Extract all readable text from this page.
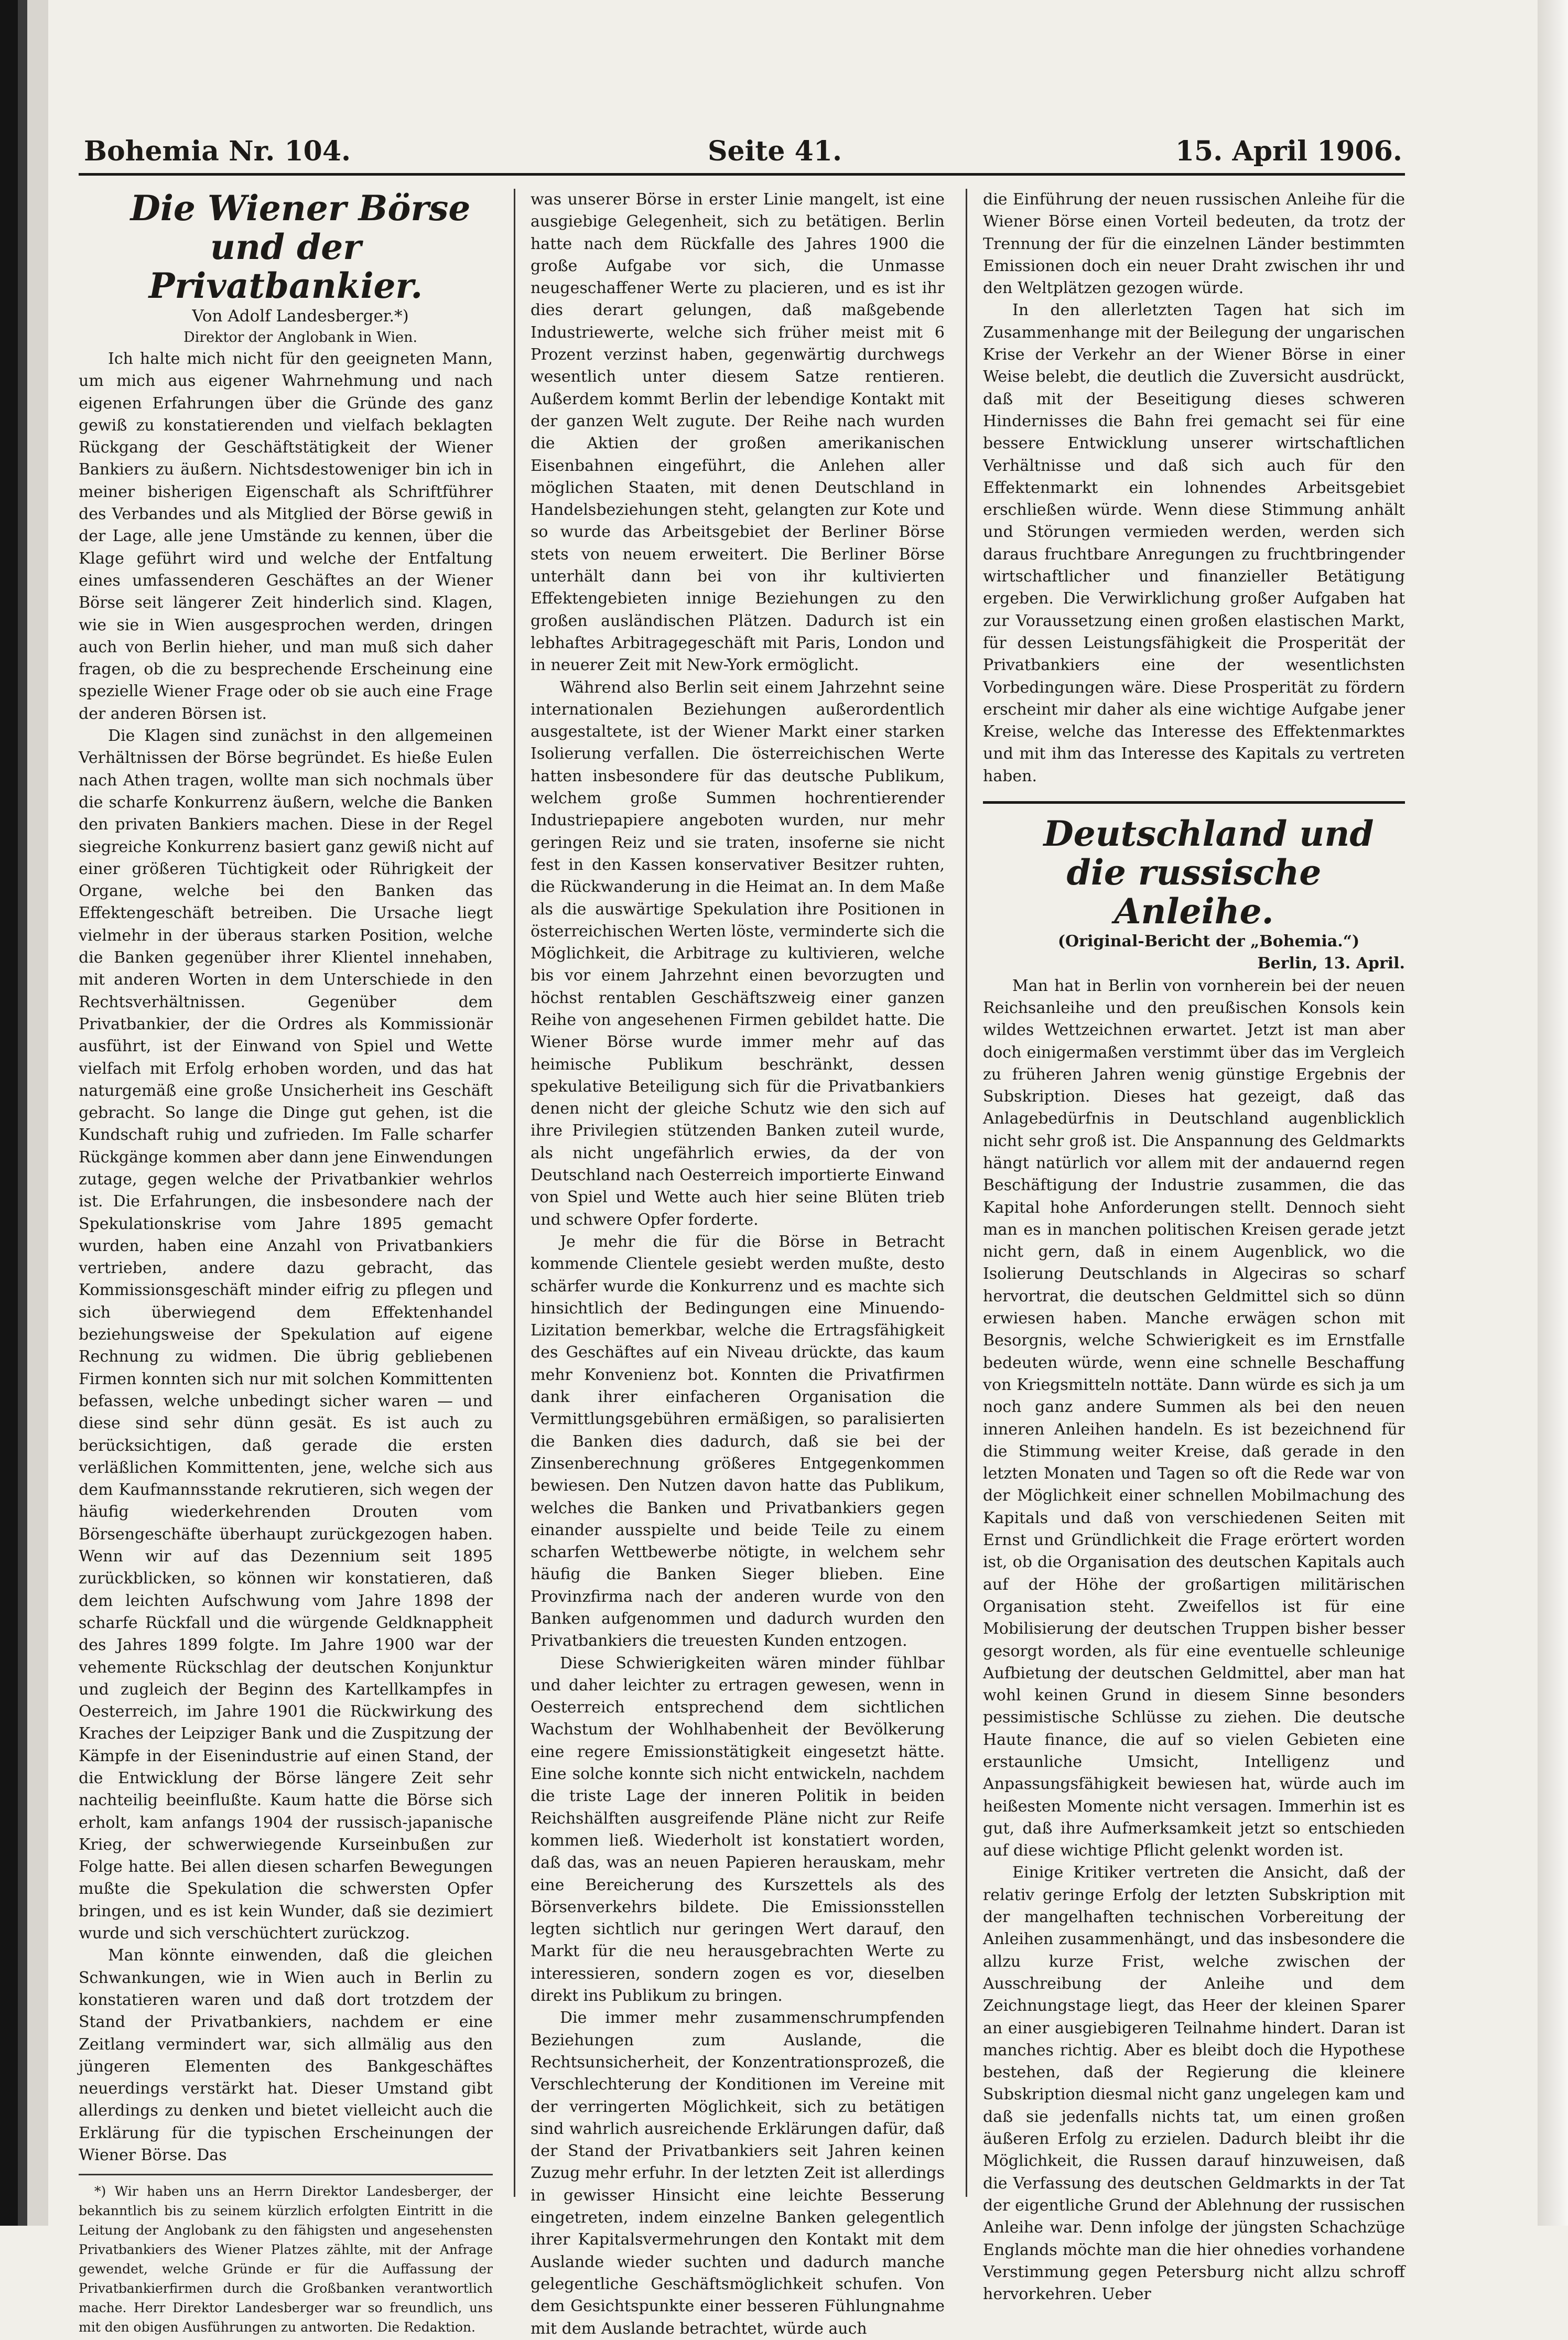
Bohemia Nr. 104.	Seite 41.	15. April 1906.

Die Wiener Börse und der Privatbankier.

Von Adolf Landesberger.*)

Direktor der Anglobank in Wien.

Ich halte mich nicht für den geeigneten Mann, um mich aus eigener Wahrnehmung und nach eigenen Erfahrungen über die Gründe des ganz gewiß zu konstatierenden und vielfach beklagten Rückgang der Geschäftstätigkeit der Wiener Bankiers zu äußern. Nichtsdestoweniger bin ich in meiner bisherigen Eigenschaft als Schriftführer des Verbandes und als Mitglied der Börse gewiß in der Lage, alle jene Umstände zu kennen, über die Klage geführt wird und welche der Entfaltung eines umfassenderen Geschäftes an der Wiener Börse seit längerer Zeit hinderlich sind. Klagen, wie sie in Wien ausgesprochen werden, dringen auch von Berlin hieher, und man muß sich daher fragen, ob die zu besprechende Erscheinung eine spezielle Wiener Frage oder ob sie auch eine Frage der anderen Börsen ist.

Die Klagen sind zunächst in den allgemeinen Verhältnissen der Börse begründet. Es hieße Eulen nach Athen tragen, wollte man sich nochmals über die scharfe Konkurrenz äußern, welche die Banken den privaten Bankiers machen. Diese in der Regel siegreiche Konkurrenz basiert ganz gewiß nicht auf einer größeren Tüchtigkeit oder Rührigkeit der Organe, welche bei den Banken das Effektengeschäft betreiben. Die Ursache liegt vielmehr in der überaus starken Position, welche die Banken gegenüber ihrer Klientel innehaben, mit anderen Worten in dem Unterschiede in den Rechtsverhältnissen. Gegenüber dem Privatbankier, der die Ordres als Kommissionär ausführt, ist der Einwand von Spiel und Wette vielfach mit Erfolg erhoben worden, und das hat naturgemäß eine große Unsicherheit ins Geschäft gebracht. So lange die Dinge gut gehen, ist die Kundschaft ruhig und zufrieden. Im Falle scharfer Rückgänge kommen aber dann jene Einwendungen zutage, gegen welche der Privatbankier wehrlos ist. Die Erfahrungen, die insbesondere nach der Spekulationskrise vom Jahre 1895 gemacht wurden, haben eine Anzahl von Privatbankiers vertrieben, andere dazu gebracht, das Kommissionsgeschäft minder eifrig zu pflegen und sich überwiegend dem Effektenhandel beziehungsweise der Spekulation auf eigene Rechnung zu widmen. Die übrig gebliebenen Firmen konnten sich nur mit solchen Kommittenten befassen, welche unbedingt sicher waren — und diese sind sehr dünn gesät. Es ist auch zu berücksichtigen, daß gerade die ersten verläßlichen Kommittenten, jene, welche sich aus dem Kaufmannsstande rekrutieren, sich wegen der häufig wiederkehrenden Drouten vom Börsengeschäfte überhaupt zurückgezogen haben. Wenn wir auf das Dezennium seit 1895 zurückblicken, so können wir konstatieren, daß dem leichten Aufschwung vom Jahre 1898 der scharfe Rückfall und die würgende Geldknappheit des Jahres 1899 folgte. Im Jahre 1900 war der vehemente Rückschlag der deutschen Konjunktur und zugleich der Beginn des Kartellkampfes in Oesterreich, im Jahre 1901 die Rückwirkung des Kraches der Leipziger Bank und die Zuspitzung der Kämpfe in der Eisenindustrie auf einen Stand, der die Entwicklung der Börse längere Zeit sehr nachteilig beeinflußte. Kaum hatte die Börse sich erholt, kam anfangs 1904 der russisch-japanische Krieg, der schwerwiegende Kurseinbußen zur Folge hatte. Bei allen diesen scharfen Bewegungen mußte die Spekulation die schwersten Opfer bringen, und es ist kein Wunder, daß sie dezimiert wurde und sich verschüchtert zurückzog.

Man könnte einwenden, daß die gleichen Schwankungen, wie in Wien auch in Berlin zu konstatieren waren und daß dort trotzdem der Stand der Privatbankiers, nachdem er eine Zeitlang vermindert war, sich allmälig aus den jüngeren Elementen des Bankgeschäftes neuerdings verstärkt hat. Dieser Umstand gibt allerdings zu denken und bietet vielleicht auch die Erklärung für die typischen Erscheinungen der Wiener Börse. Das

*) Wir haben uns an Herrn Direktor Landesberger, der bekanntlich bis zu seinem kürzlich erfolgten Eintritt in die Leitung der Anglobank zu den fähigsten und angesehensten Privatbankiers des Wiener Platzes zählte, mit der Anfrage gewendet, welche Gründe er für die Auffassung der Privatbankierfirmen durch die Großbanken verantwortlich mache. Herr Direktor Landesberger war so freundlich, uns mit den obigen Ausführungen zu antworten. Die Redaktion.

was unserer Börse in erster Linie mangelt, ist eine ausgiebige Gelegenheit, sich zu betätigen. Berlin hatte nach dem Rückfalle des Jahres 1900 die große Aufgabe vor sich, die Unmasse neugeschaffener Werte zu placieren, und es ist ihr dies derart gelungen, daß maßgebende Industriewerte, welche sich früher meist mit 6 Prozent verzinst haben, gegenwärtig durchwegs wesentlich unter diesem Satze rentieren. Außerdem kommt Berlin der lebendige Kontakt mit der ganzen Welt zugute. Der Reihe nach wurden die Aktien der großen amerikanischen Eisenbahnen eingeführt, die Anlehen aller möglichen Staaten, mit denen Deutschland in Handelsbeziehungen steht, gelangten zur Kote und so wurde das Arbeitsgebiet der Berliner Börse stets von neuem erweitert. Die Berliner Börse unterhält dann bei von ihr kultivierten Effektengebieten innige Beziehungen zu den großen ausländischen Plätzen. Dadurch ist ein lebhaftes Arbitragegeschäft mit Paris, London und in neuerer Zeit mit New-York ermöglicht.

Während also Berlin seit einem Jahrzehnt seine internationalen Beziehungen außerordentlich ausgestaltete, ist der Wiener Markt einer starken Isolierung verfallen. Die österreichischen Werte hatten insbesondere für das deutsche Publikum, welchem große Summen hochrentierender Industriepapiere angeboten wurden, nur mehr geringen Reiz und sie traten, insoferne sie nicht fest in den Kassen konservativer Besitzer ruhten, die Rückwanderung in die Heimat an. In dem Maße als die auswärtige Spekulation ihre Positionen in österreichischen Werten löste, verminderte sich die Möglichkeit, die Arbitrage zu kultivieren, welche bis vor einem Jahrzehnt einen bevorzugten und höchst rentablen Geschäftszweig einer ganzen Reihe von angesehenen Firmen gebildet hatte. Die Wiener Börse wurde immer mehr auf das heimische Publikum beschränkt, dessen spekulative Beteiligung sich für die Privatbankiers denen nicht der gleiche Schutz wie den sich auf ihre Privilegien stützenden Banken zuteil wurde, als nicht ungefährlich erwies, da der von Deutschland nach Oesterreich importierte Einwand von Spiel und Wette auch hier seine Blüten trieb und schwere Opfer forderte.

Je mehr die für die Börse in Betracht kommende Clientele gesiebt werden mußte, desto schärfer wurde die Konkurrenz und es machte sich hinsichtlich der Bedingungen eine Minuendo-Lizitation bemerkbar, welche die Ertragsfähigkeit des Geschäftes auf ein Niveau drückte, das kaum mehr Konvenienz bot. Konnten die Privatfirmen dank ihrer einfacheren Organisation die Vermittlungsgebühren ermäßigen, so paralisierten die Banken dies dadurch, daß sie bei der Zinsenberechnung größeres Entgegenkommen bewiesen. Den Nutzen davon hatte das Publikum, welches die Banken und Privatbankiers gegen einander ausspielte und beide Teile zu einem scharfen Wettbewerbe nötigte, in welchem sehr häufig die Banken Sieger blieben. Eine Provinzfirma nach der anderen wurde von den Banken aufgenommen und dadurch wurden den Privatbankiers die treuesten Kunden entzogen.

Diese Schwierigkeiten wären minder fühlbar und daher leichter zu ertragen gewesen, wenn in Oesterreich entsprechend dem sichtlichen Wachstum der Wohlhabenheit der Bevölkerung eine regere Emissionstätigkeit eingesetzt hätte. Eine solche konnte sich nicht entwickeln, nachdem die triste Lage der inneren Politik in beiden Reichshälften ausgreifende Pläne nicht zur Reife kommen ließ. Wiederholt ist konstatiert worden, daß das, was an neuen Papieren herauskam, mehr eine Bereicherung des Kurszettels als des Börsenverkehrs bildete. Die Emissionsstellen legten sichtlich nur geringen Wert darauf, den Markt für die neu herausgebrachten Werte zu interessieren, sondern zogen es vor, dieselben direkt ins Publikum zu bringen.

Die immer mehr zusammenschrumpfenden Beziehungen zum Auslande, die Rechtsunsicherheit, der Konzentrationsprozeß, die Verschlechterung der Konditionen im Vereine mit der verringerten Möglichkeit, sich zu betätigen sind wahrlich ausreichende Erklärungen dafür, daß der Stand der Privatbankiers seit Jahren keinen Zuzug mehr erfuhr. In der letzten Zeit ist allerdings in gewisser Hinsicht eine leichte Besserung eingetreten, indem einzelne Banken gelegentlich ihrer Kapitalsvermehrungen den Kontakt mit dem Auslande wieder suchten und dadurch manche gelegentliche Geschäftsmöglichkeit schufen. Von dem Gesichtspunkte einer besseren Fühlungnahme mit dem Auslande betrachtet, würde auch

die Einführung der neuen russischen Anleihe für die Wiener Börse einen Vorteil bedeuten, da trotz der Trennung der für die einzelnen Länder bestimmten Emissionen doch ein neuer Draht zwischen ihr und den Weltplätzen gezogen würde.

In den allerletzten Tagen hat sich im Zusammenhange mit der Beilegung der ungarischen Krise der Verkehr an der Wiener Börse in einer Weise belebt, die deutlich die Zuversicht ausdrückt, daß mit der Beseitigung dieses schweren Hindernisses die Bahn frei gemacht sei für eine bessere Entwicklung unserer wirtschaftlichen Verhältnisse und daß sich auch für den Effektenmarkt ein lohnendes Arbeitsgebiet erschließen würde. Wenn diese Stimmung anhält und Störungen vermieden werden, werden sich daraus fruchtbare Anregungen zu fruchtbringender wirtschaftlicher und finanzieller Betätigung ergeben. Die Verwirklichung großer Aufgaben hat zur Voraussetzung einen großen elastischen Markt, für dessen Leistungsfähigkeit die Prosperität der Privatbankiers eine der wesentlichsten Vorbedingungen wäre. Diese Prosperität zu fördern erscheint mir daher als eine wichtige Aufgabe jener Kreise, welche das Interesse des Effektenmarktes und mit ihm das Interesse des Kapitals zu vertreten haben.

Deutschland und die russische Anleihe.

(Original-Bericht der „Bohemia.“)

Berlin, 13. April.

Man hat in Berlin von vornherein bei der neuen Reichsanleihe und den preußischen Konsols kein wildes Wettzeichnen erwartet. Jetzt ist man aber doch einigermaßen verstimmt über das im Vergleich zu früheren Jahren wenig günstige Ergebnis der Subskription. Dieses hat gezeigt, daß das Anlagebedürfnis in Deutschland augenblicklich nicht sehr groß ist. Die Anspannung des Geldmarkts hängt natürlich vor allem mit der andauernd regen Beschäftigung der Industrie zusammen, die das Kapital hohe Anforderungen stellt. Dennoch sieht man es in manchen politischen Kreisen gerade jetzt nicht gern, daß in einem Augenblick, wo die Isolierung Deutschlands in Algeciras so scharf hervortrat, die deutschen Geldmittel sich so dünn erwiesen haben. Manche erwägen schon mit Besorgnis, welche Schwierigkeit es im Ernstfalle bedeuten würde, wenn eine schnelle Beschaffung von Kriegsmitteln nottäte. Dann würde es sich ja um noch ganz andere Summen als bei den neuen inneren Anleihen handeln. Es ist bezeichnend für die Stimmung weiter Kreise, daß gerade in den letzten Monaten und Tagen so oft die Rede war von der Möglichkeit einer schnellen Mobilmachung des Kapitals und daß von verschiedenen Seiten mit Ernst und Gründlichkeit die Frage erörtert worden ist, ob die Organisation des deutschen Kapitals auch auf der Höhe der großartigen militärischen Organisation steht. Zweifellos ist für eine Mobilisierung der deutschen Truppen bisher besser gesorgt worden, als für eine eventuelle schleunige Aufbietung der deutschen Geldmittel, aber man hat wohl keinen Grund in diesem Sinne besonders pessimistische Schlüsse zu ziehen. Die deutsche Haute finance, die auf so vielen Gebieten eine erstaunliche Umsicht, Intelligenz und Anpassungsfähigkeit bewiesen hat, würde auch im heißesten Momente nicht versagen. Immerhin ist es gut, daß ihre Aufmerksamkeit jetzt so entschieden auf diese wichtige Pflicht gelenkt worden ist.

Einige Kritiker vertreten die Ansicht, daß der relativ geringe Erfolg der letzten Subskription mit der mangelhaften technischen Vorbereitung der Anleihen zusammenhängt, und das insbesondere die allzu kurze Frist, welche zwischen der Ausschreibung der Anleihe und dem Zeichnungstage liegt, das Heer der kleinen Sparer an einer ausgiebigeren Teilnahme hindert. Daran ist manches richtig. Aber es bleibt doch die Hypothese bestehen, daß der Regierung die kleinere Subskription diesmal nicht ganz ungelegen kam und daß sie jedenfalls nichts tat, um einen großen äußeren Erfolg zu erzielen. Dadurch bleibt ihr die Möglichkeit, die Russen darauf hinzuweisen, daß die Verfassung des deutschen Geldmarkts in der Tat der eigentliche Grund der Ablehnung der russischen Anleihe war. Denn infolge der jüngsten Schachzüge Englands möchte man die hier ohnedies vorhandene Verstimmung gegen Petersburg nicht allzu schroff hervorkehren. Ueber
